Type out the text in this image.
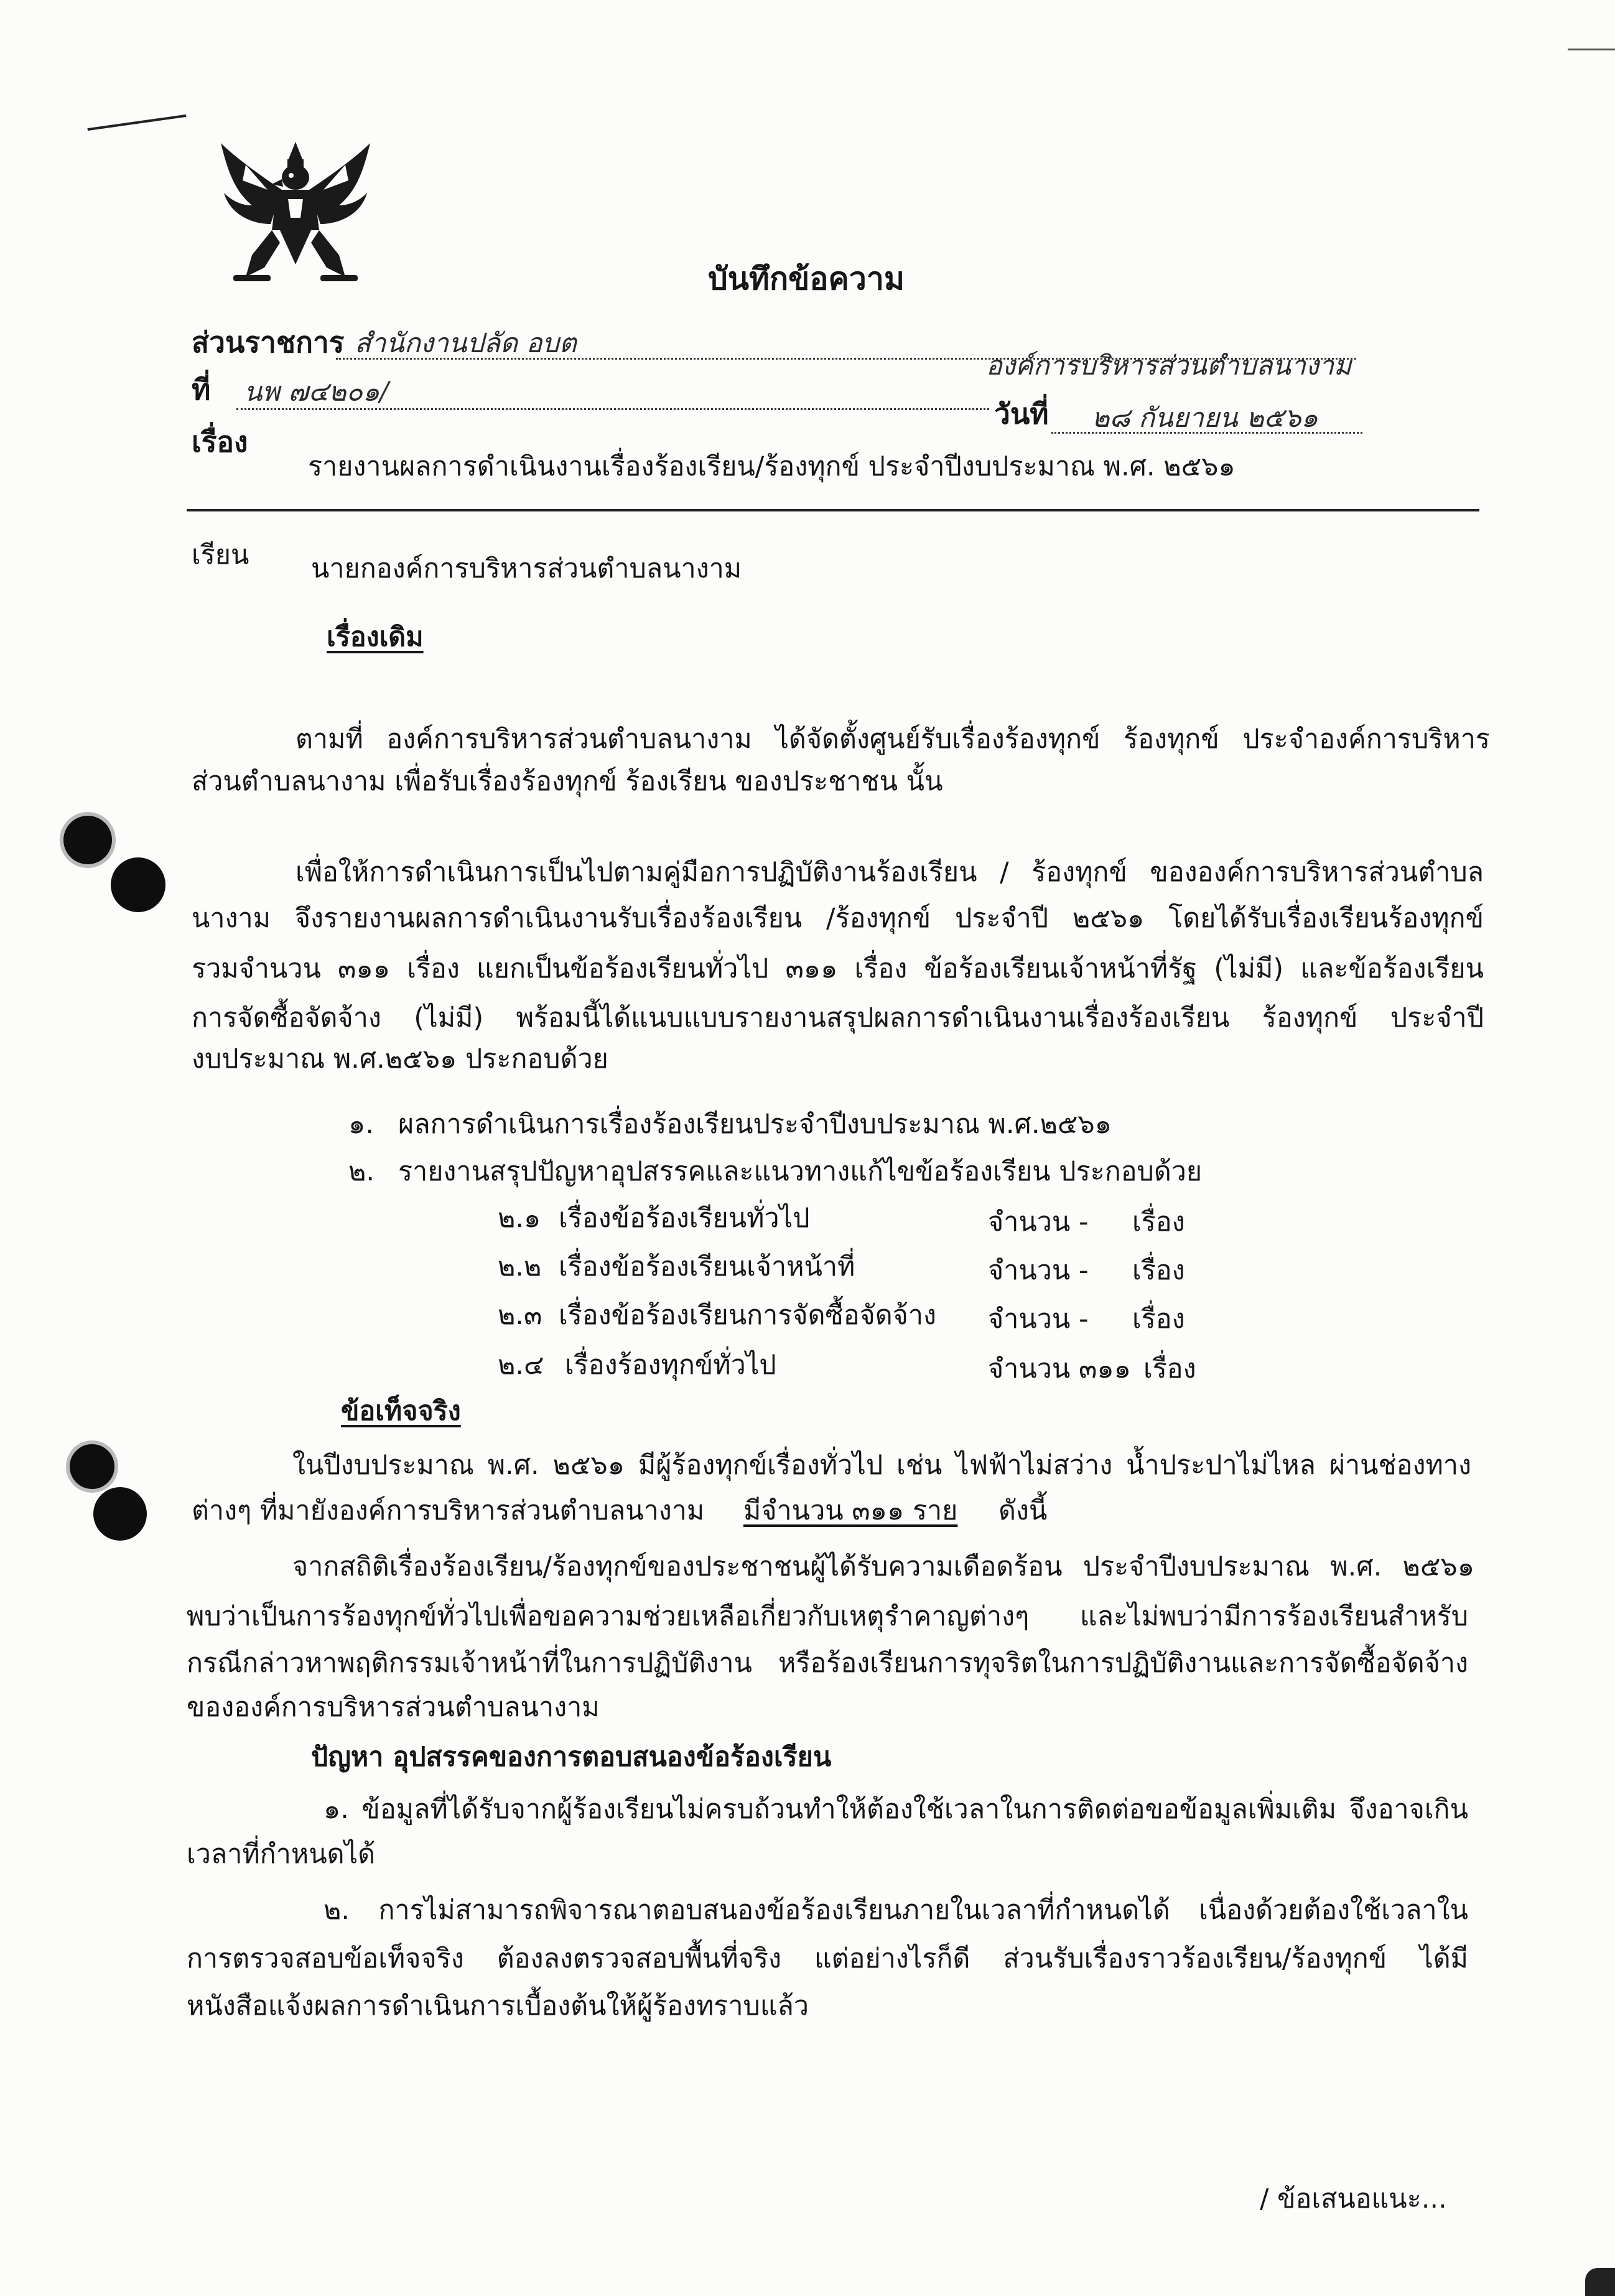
บันทึกข้อความ
ส่วนราชการ สำนักงานปลัด อบต
องค์การบริหารส่วนตำบลนางาม
ที่ นพ ๗๔๒๐๑/
วันที่ ๒๘ กันยายน ๒๕๖๑
เรื่อง
รายงานผลการดำเนินงานเรื่องร้องเรียน/ร้องทุกข์ ประจำปีงบประมาณ พ.ศ. ๒๕๖๑
เรียน นายกองค์การบริหารส่วนตำบลนางาม
เรื่องเดิม
ตามที่ องค์การบริหารส่วนตำบลนางาม ได้จัดตั้งศูนย์รับเรื่องร้องทุกข์ ร้องทุกข์ ประจำองค์การบริหาร
ส่วนตำบลนางาม เพื่อรับเรื่องร้องทุกข์ ร้องเรียน ของประชาชน นั้น
เพื่อให้การดำเนินการเป็นไปตามคู่มือการปฏิบัติงานร้องเรียน / ร้องทุกข์ ขององค์การบริหารส่วนตำบล
นางาม จึงรายงานผลการดำเนินงานรับเรื่องร้องเรียน /ร้องทุกข์ ประจำปี ๒๕๖๑ โดยได้รับเรื่องเรียนร้องทุกข์
รวมจำนวน ๓๑๑ เรื่อง แยกเป็นข้อร้องเรียนทั่วไป ๓๑๑ เรื่อง ข้อร้องเรียนเจ้าหน้าที่รัฐ (ไม่มี) และข้อร้องเรียน
การจัดซื้อจัดจ้าง (ไม่มี) พร้อมนี้ได้แนบแบบรายงานสรุปผลการดำเนินงานเรื่องร้องเรียน ร้องทุกข์ ประจำปี
งบประมาณ พ.ศ.๒๕๖๑ ประกอบด้วย
๑. ผลการดำเนินการเรื่องร้องเรียนประจำปีงบประมาณ พ.ศ.๒๕๖๑
๒. รายงานสรุปปัญหาอุปสรรคและแนวทางแก้ไขข้อร้องเรียน ประกอบด้วย
๒.๑ เรื่องข้อร้องเรียนทั่วไป	จำนวน - เรื่อง
๒.๒ เรื่องข้อร้องเรียนเจ้าหน้าที่	จำนวน - เรื่อง
๒.๓ เรื่องข้อร้องเรียนการจัดซื้อจัดจ้าง จำนวน - เรื่อง
๒.๔ เรื่องร้องทุกข์ทั่วไป	จำนวน ๓๑๑ เรื่อง
ข้อเท็จจริง
ในปีงบประมาณ พ.ศ. ๒๕๖๑ มีผู้ร้องทุกข์เรื่องทั่วไป เช่น ไฟฟ้าไม่สว่าง น้ำประปาไม่ไหล ผ่านช่องทาง
ต่างๆ ที่มายังองค์การบริหารส่วนตำบลนางาม มีจำนวน ๓๑๑ ราย ดังนี้
จากสถิติเรื่องร้องเรียน/ร้องทุกข์ของประชาชนผู้ได้รับความเดือดร้อน ประจำปีงบประมาณ พ.ศ. ๒๕๖๑
พบว่าเป็นการร้องทุกข์ทั่วไปเพื่อขอความช่วยเหลือเกี่ยวกับเหตุรำคาญต่างๆ และไม่พบว่ามีการร้องเรียนสำหรับ
กรณีกล่าวหาพฤติกรรมเจ้าหน้าที่ในการปฏิบัติงาน หรือร้องเรียนการทุจริตในการปฏิบัติงานและการจัดซื้อจัดจ้าง
ขององค์การบริหารส่วนตำบลนางาม
ปัญหา อุปสรรคของการตอบสนองข้อร้องเรียน
๑. ข้อมูลที่ได้รับจากผู้ร้องเรียนไม่ครบถ้วนทำให้ต้องใช้เวลาในการติดต่อขอข้อมูลเพิ่มเติม จึงอาจเกิน
เวลาที่กำหนดได้
๒. การไม่สามารถพิจารณาตอบสนองข้อร้องเรียนภายในเวลาที่กำหนดได้ เนื่องด้วยต้องใช้เวลาใน
การตรวจสอบข้อเท็จจริง ต้องลงตรวจสอบพื้นที่จริง แต่อย่างไรก็ดี ส่วนรับเรื่องราวร้องเรียน/ร้องทุกข์ ได้มี
หนังสือแจ้งผลการดำเนินการเบื้องต้นให้ผู้ร้องทราบแล้ว
/ ข้อเสนอแนะ...
